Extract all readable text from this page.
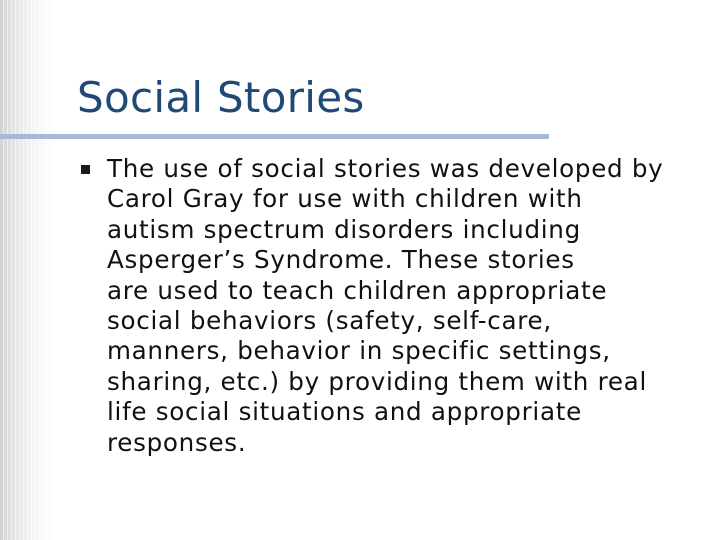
Social Stories

The use of social stories was developed by
Carol Gray for use with children with
autism spectrum disorders including
Asperger’s Syndrome. These stories
are used to teach children appropriate
social behaviors (safety, self-care,
manners, behavior in specific settings,
sharing, etc.) by providing them with real
life social situations and appropriate
responses.
